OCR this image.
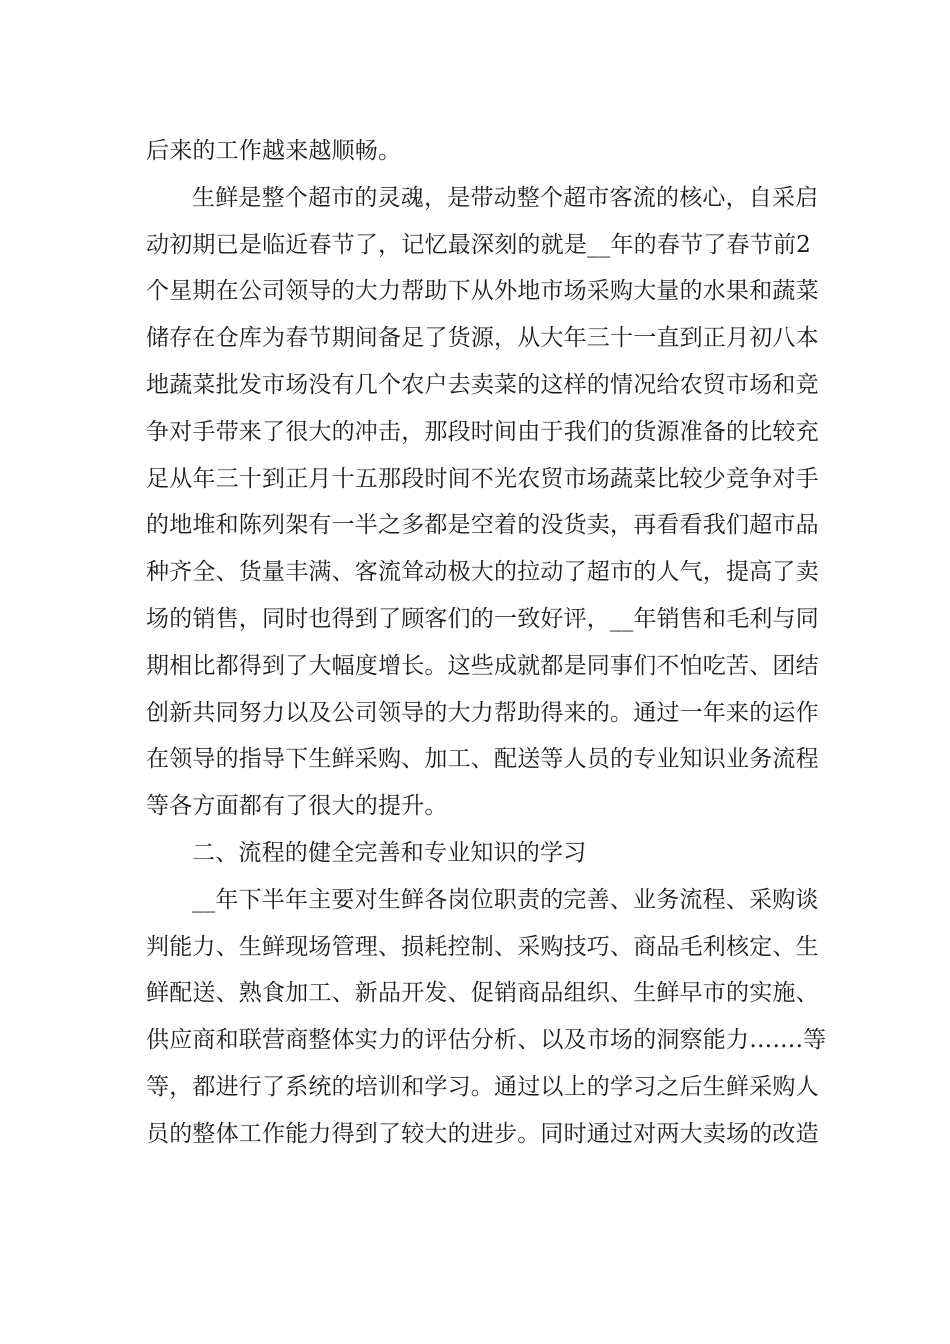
后来的工作越来越顺畅。
生鲜是整个超市的灵魂，是带动整个超市客流的核心，自采启
动初期已是临近春节了，记忆最深刻的就是__年的春节了春节前2
个星期在公司领导的大力帮助下从外地市场采购大量的水果和蔬菜
储存在仓库为春节期间备足了货源，从大年三十一直到正月初八本
地蔬菜批发市场没有几个农户去卖菜的这样的情况给农贸市场和竞
争对手带来了很大的冲击，那段时间由于我们的货源准备的比较充
足从年三十到正月十五那段时间不光农贸市场蔬菜比较少竞争对手
的地堆和陈列架有一半之多都是空着的没货卖，再看看我们超市品
种齐全、货量丰满、客流耸动极大的拉动了超市的人气，提高了卖
场的销售，同时也得到了顾客们的一致好评，__年销售和毛利与同
期相比都得到了大幅度增长。这些成就都是同事们不怕吃苦、团结
创新共同努力以及公司领导的大力帮助得来的。通过一年来的运作
在领导的指导下生鲜采购、加工、配送等人员的专业知识业务流程
等各方面都有了很大的提升。
二、流程的健全完善和专业知识的学习
__年下半年主要对生鲜各岗位职责的完善、业务流程、采购谈
判能力、生鲜现场管理、损耗控制、采购技巧、商品毛利核定、生
鲜配送、熟食加工、新品开发、促销商品组织、生鲜早市的实施、
供应商和联营商整体实力的评估分析、以及市场的洞察能力…….等
等，都进行了系统的培训和学习。通过以上的学习之后生鲜采购人
员的整体工作能力得到了较大的进步。同时通过对两大卖场的改造
